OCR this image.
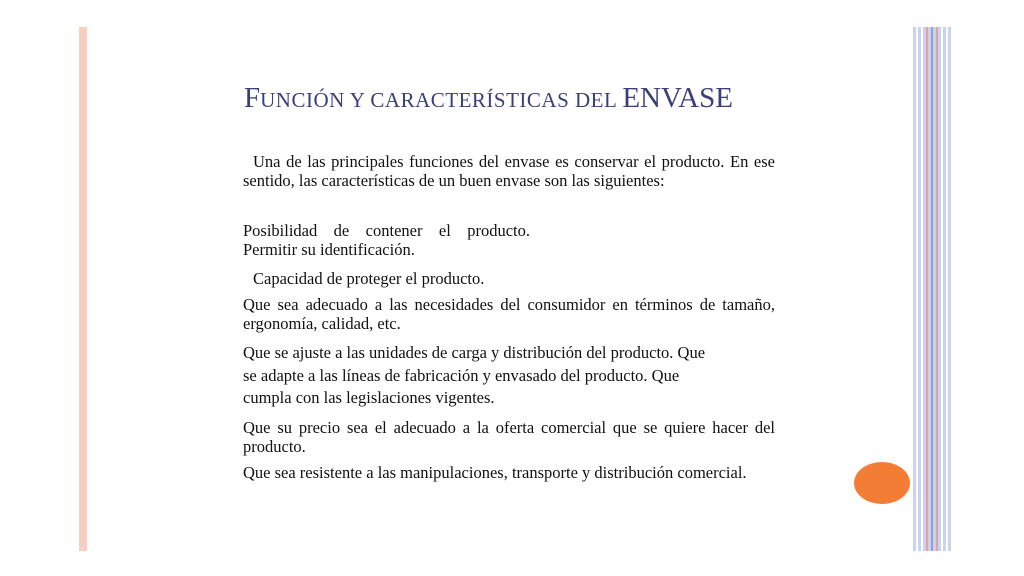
FUNCIÓN Y CARACTERÍSTICAS DEL ENVASE
Una de las principales funciones del envase es conservar el producto. En ese sentido, las características de un buen envase son las siguientes:
Posibilidad de contener el producto. Permitir su identificación.
Capacidad de proteger el producto.
Que sea adecuado a las necesidades del consumidor en términos de tamaño, ergonomía, calidad, etc.
Que se ajuste a las unidades de carga y distribución del producto. Que se adapte a las líneas de fabricación y envasado del producto. Que cumpla con las legislaciones vigentes.
Que su precio sea el adecuado a la oferta comercial que se quiere hacer del producto.
Que sea resistente a las manipulaciones, transporte y distribución comercial.
